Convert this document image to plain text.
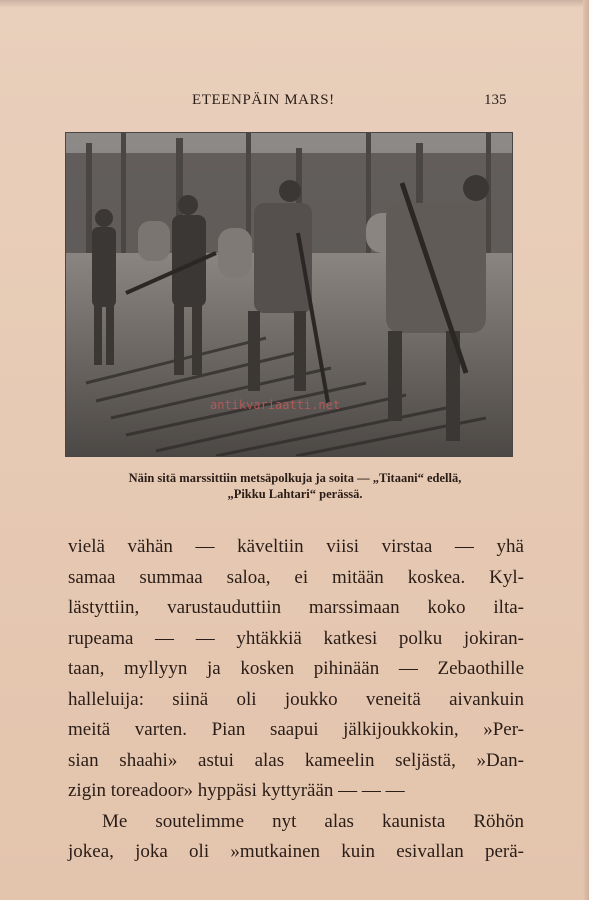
ETEENPÄIN MARS!	135
antikvariaatti.net
Näin sitä marssittiin metsäpolkuja ja soita — „Titaani“ edellä,
„Pikku Lahtari“ perässä.
vielä vähän — käveltiin viisi virstaa — yhä
samaa summaa saloa, ei mitään koskea. Kyl-
lästyttiin, varustauduttiin marssimaan koko ilta-
rupeama — — yhtäkkiä katkesi polku jokiran-
taan, myllyyn ja kosken pihinään — Zebaothille
halleluija: siinä oli joukko veneitä aivankuin
meitä varten. Pian saapui jälkijoukkokin, »Per-
sian shaahi» astui alas kameelin seljästä, »Dan-
zigin toreadoor» hyppäsi kyttyrään — — —
Me soutelimme nyt alas kaunista Röhön
jokea, joka oli »mutkainen kuin esivallan perä-
